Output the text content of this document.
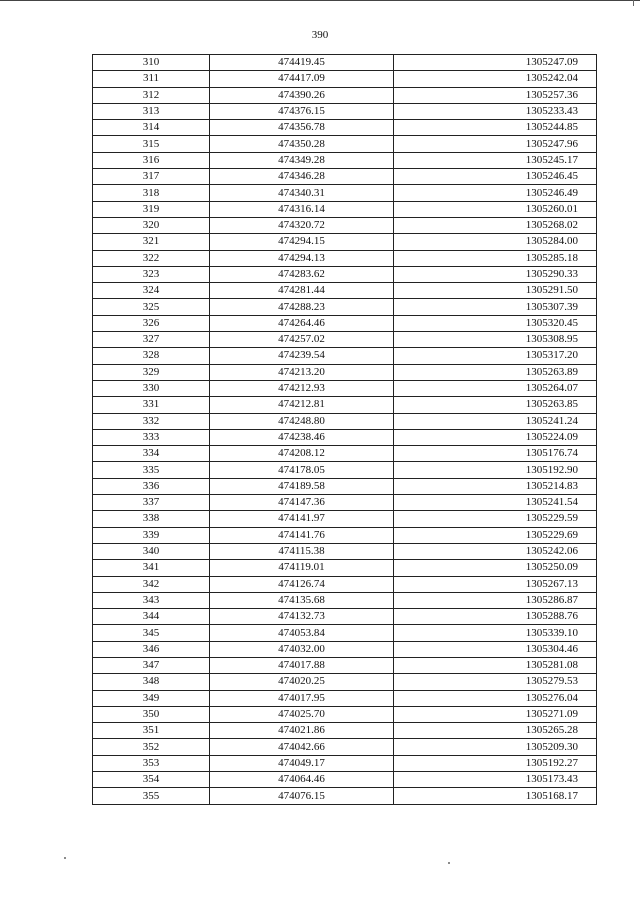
390
310	474419.45	1305247.09
311	474417.09	1305242.04
312	474390.26	1305257.36
313	474376.15	1305233.43
314	474356.78	1305244.85
315	474350.28	1305247.96
316	474349.28	1305245.17
317	474346.28	1305246.45
318	474340.31	1305246.49
319	474316.14	1305260.01
320	474320.72	1305268.02
321	474294.15	1305284.00
322	474294.13	1305285.18
323	474283.62	1305290.33
324	474281.44	1305291.50
325	474288.23	1305307.39
326	474264.46	1305320.45
327	474257.02	1305308.95
328	474239.54	1305317.20
329	474213.20	1305263.89
330	474212.93	1305264.07
331	474212.81	1305263.85
332	474248.80	1305241.24
333	474238.46	1305224.09
334	474208.12	1305176.74
335	474178.05	1305192.90
336	474189.58	1305214.83
337	474147.36	1305241.54
338	474141.97	1305229.59
339	474141.76	1305229.69
340	474115.38	1305242.06
341	474119.01	1305250.09
342	474126.74	1305267.13
343	474135.68	1305286.87
344	474132.73	1305288.76
345	474053.84	1305339.10
346	474032.00	1305304.46
347	474017.88	1305281.08
348	474020.25	1305279.53
349	474017.95	1305276.04
350	474025.70	1305271.09
351	474021.86	1305265.28
352	474042.66	1305209.30
353	474049.17	1305192.27
354	474064.46	1305173.43
355	474076.15	1305168.17
